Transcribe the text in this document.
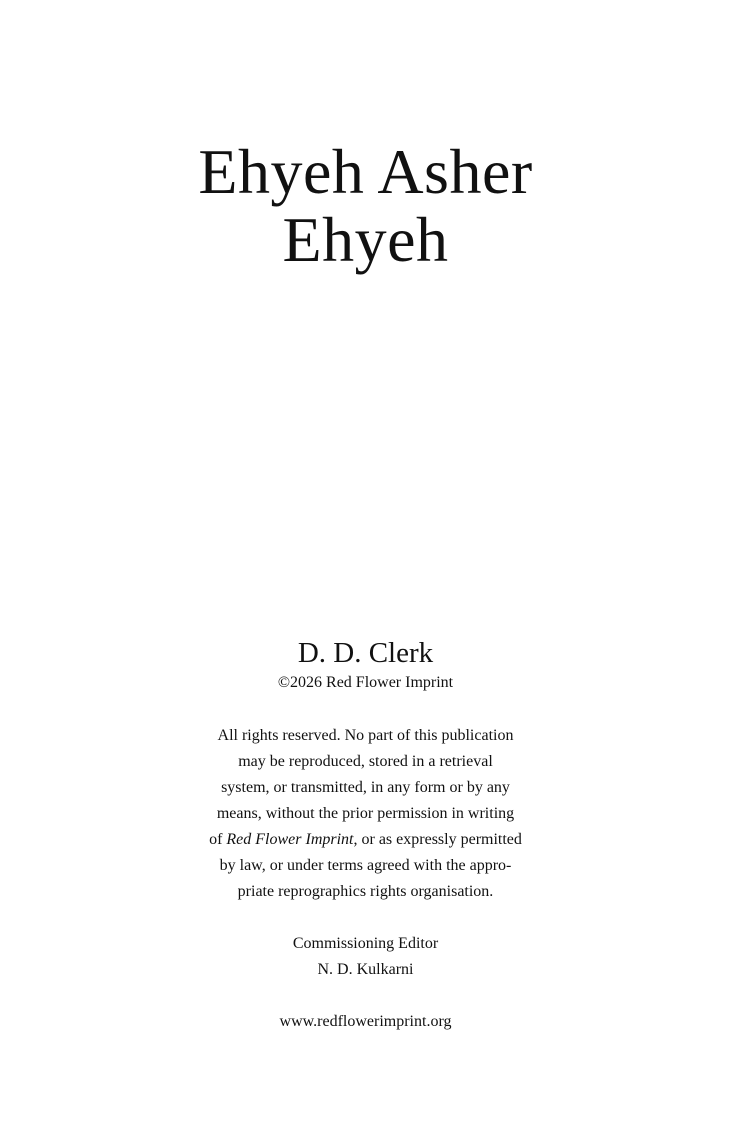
Ehyeh Asher
Ehyeh
D. D. Clerk
©2026 Red Flower Imprint
All rights reserved. No part of this publication
may be reproduced, stored in a retrieval
system, or transmitted, in any form or by any
means, without the prior permission in writing
of Red Flower Imprint, or as expressly permitted
by law, or under terms agreed with the appro-
priate reprographics rights organisation.
Commissioning Editor
N. D. Kulkarni
www.redflowerimprint.org
